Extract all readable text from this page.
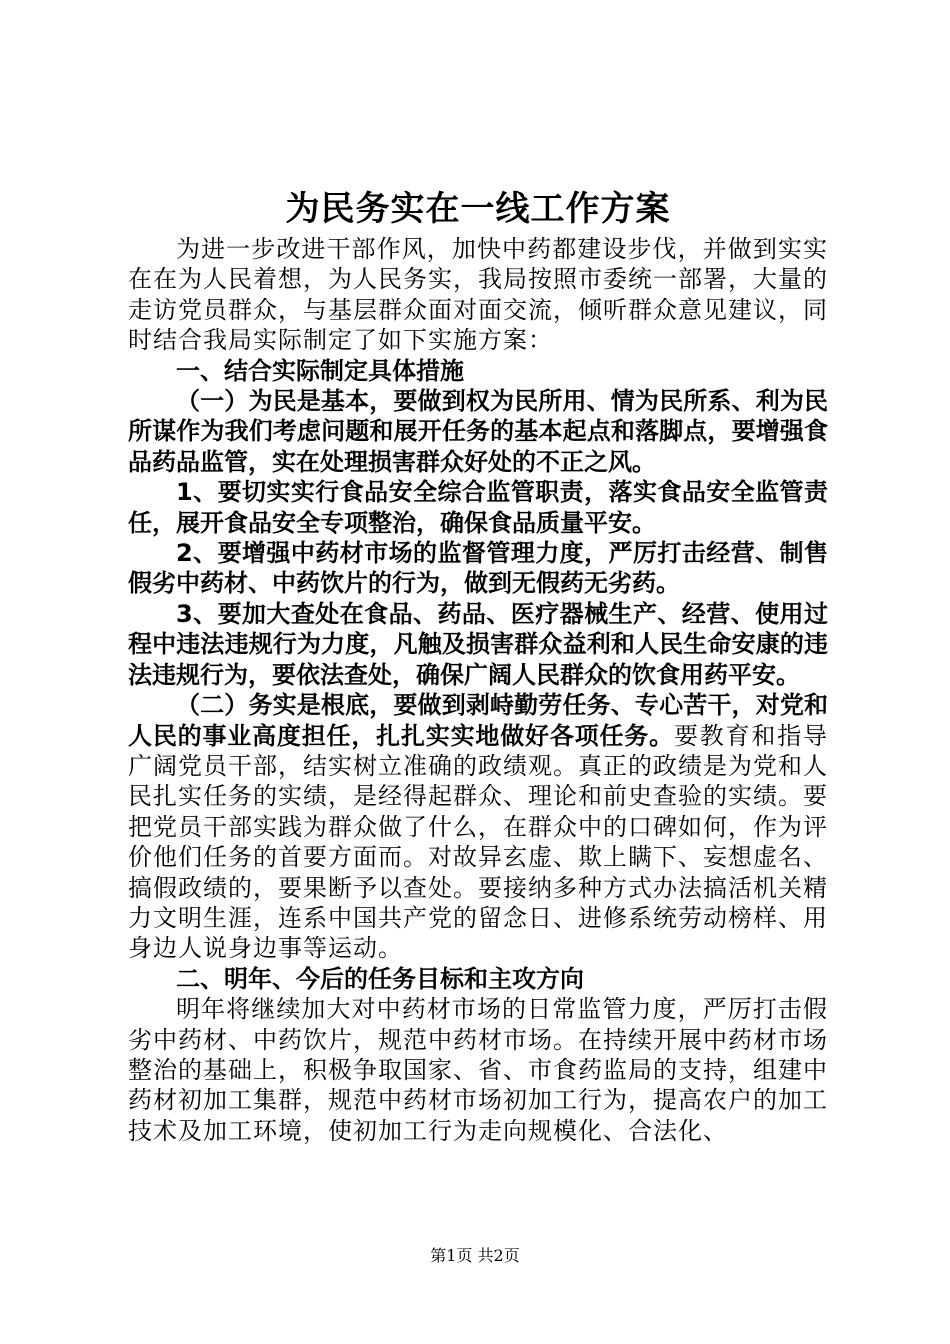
为民务实在一线工作方案

为进一步改进干部作风，加快中药都建设步伐，并做到实实在在为人民着想，为人民务实，我局按照市委统一部署，大量的走访党员群众，与基层群众面对面交流，倾听群众意见建议，同时结合我局实际制定了如下实施方案：

一、结合实际制定具体措施

（一）为民是基本，要做到权为民所用、情为民所系、利为民所谋作为我们考虑问题和展开任务的基本起点和落脚点，要增强食品药品监管，实在处理损害群众好处的不正之风。

1、要切实实行食品安全综合监管职责，落实食品安全监管责任，展开食品安全专项整治，确保食品质量平安。

2、要增强中药材市场的监督管理力度，严厉打击经营、制售假劣中药材、中药饮片的行为，做到无假药无劣药。

3、要加大查处在食品、药品、医疗器械生产、经营、使用过程中违法违规行为力度，凡触及损害群众益利和人民生命安康的违法违规行为，要依法查处，确保广阔人民群众的饮食用药平安。

（二）务实是根底，要做到剥峙勤劳任务、专心苦干，对党和人民的事业高度担任，扎扎实实地做好各项任务。要教育和指导广阔党员干部，结实树立准确的政绩观。真正的政绩是为党和人民扎实任务的实绩，是经得起群众、理论和前史查验的实绩。要把党员干部实践为群众做了什么，在群众中的口碑如何，作为评价他们任务的首要方面而。对故异玄虚、欺上瞒下、妄想虚名、搞假政绩的，要果断予以查处。要接纳多种方式办法搞活机关精力文明生涯，连系中国共产党的留念日、进修系统劳动榜样、用身边人说身边事等运动。

二、明年、今后的任务目标和主攻方向

明年将继续加大对中药材市场的日常监管力度，严厉打击假劣中药材、中药饮片，规范中药材市场。在持续开展中药材市场整治的基础上，积极争取国家、省、市食药监局的支持，组建中药材初加工集群，规范中药材市场初加工行为，提高农户的加工技术及加工环境，使初加工行为走向规模化、合法化、

第1页 共2页
